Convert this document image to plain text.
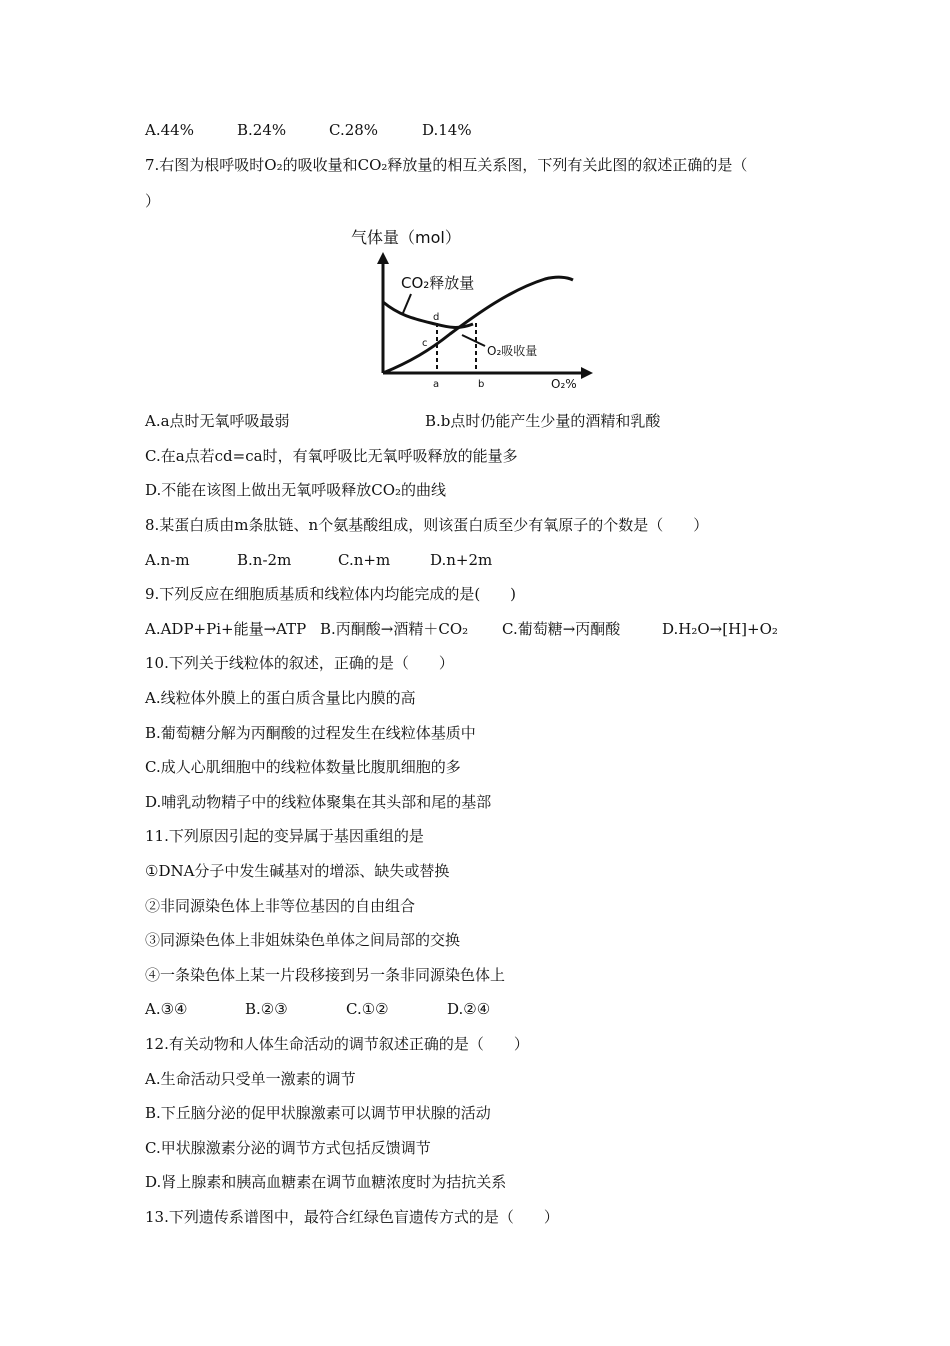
A.44%	B.24%	C.28%	D.14%
7.右图为根呼吸时O₂的吸收量和CO₂释放量的相互关系图，下列有关此图的叙述正确的是（
）
气体量（mol）
CO₂释放量
d
c
a	b
O₂吸收量
O₂%
A.a点时无氧呼吸最弱	B.b点时仍能产生少量的酒精和乳酸
C.在a点若cd=ca时，有氧呼吸比无氧呼吸释放的能量多
D.不能在该图上做出无氧呼吸释放CO₂的曲线
8.某蛋白质由m条肽链、n个氨基酸组成，则该蛋白质至少有氧原子的个数是（　　）
A.n-m	B.n-2m	C.n+m	D.n+2m
9.下列反应在细胞质基质和线粒体内均能完成的是(　　)
A.ADP+Pi+能量→ATP B.丙酮酸→酒精＋CO₂ C.葡萄糖→丙酮酸	D.H₂O→[H]+O₂
10.下列关于线粒体的叙述，正确的是（　　）
A.线粒体外膜上的蛋白质含量比内膜的高
B.葡萄糖分解为丙酮酸的过程发生在线粒体基质中
C.成人心肌细胞中的线粒体数量比腹肌细胞的多
D.哺乳动物精子中的线粒体聚集在其头部和尾的基部
11.下列原因引起的变异属于基因重组的是
①DNA分子中发生碱基对的增添、缺失或替换
②非同源染色体上非等位基因的自由组合
③同源染色体上非姐妹染色单体之间局部的交换
④一条染色体上某一片段移接到另一条非同源染色体上
A.③④	B.②③	C.①②	D.②④
12.有关动物和人体生命活动的调节叙述正确的是（　　）
A.生命活动只受单一激素的调节
B.下丘脑分泌的促甲状腺激素可以调节甲状腺的活动
C.甲状腺激素分泌的调节方式包括反馈调节
D.肾上腺素和胰高血糖素在调节血糖浓度时为拮抗关系
13.下列遗传系谱图中，最符合红绿色盲遗传方式的是（　　）
